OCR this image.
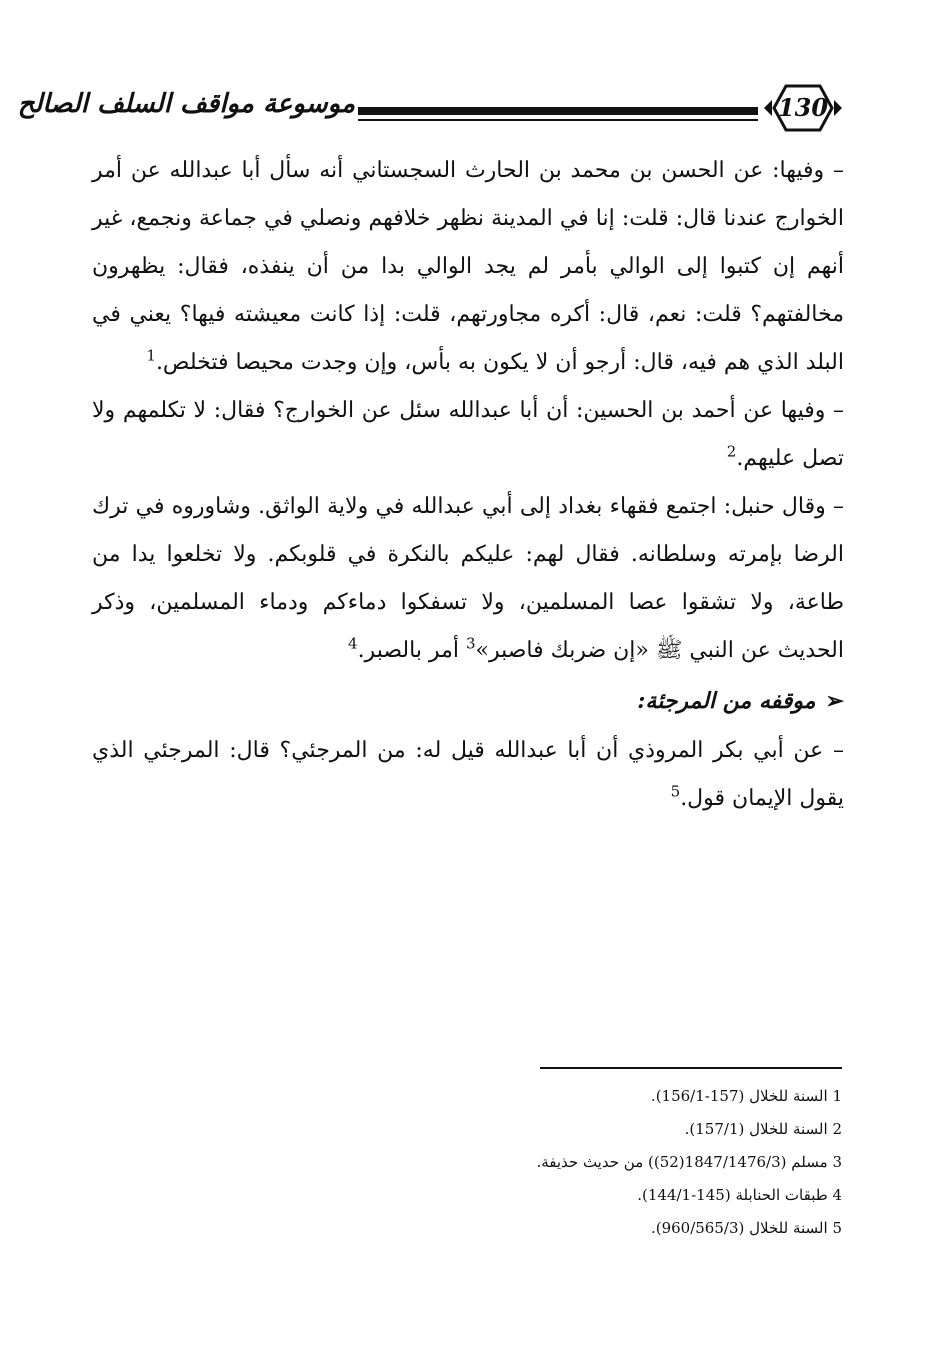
موسوعة مواقف السلف الصالح	130

– وفيها: عن الحسن بن محمد بن الحارث السجستاني أنه سأل أبا عبدالله عن أمر الخوارج عندنا قال: قلت: إنا في المدينة نظهر خلافهم ونصلي في جماعة ونجمع، غير أنهم إن كتبوا إلى الوالي بأمر لم يجد الوالي بدا من أن ينفذه، فقال: يظهرون مخالفتهم؟ قلت: نعم، قال: أكره مجاورتهم، قلت: إذا كانت معيشته فيها؟ يعني في البلد الذي هم فيه، قال: أرجو أن لا يكون به بأس، وإن وجدت محيصا فتخلص.$^1$

– وفيها عن أحمد بن الحسين: أن أبا عبدالله سئل عن الخوارج؟ فقال: لا تكلمهم ولا تصل عليهم.$^2$

– وقال حنبل: اجتمع فقهاء بغداد إلى أبي عبدالله في ولاية الواثق. وشاوروه في ترك الرضا بإمرته وسلطانه. فقال لهم: عليكم بالنكرة في قلوبكم. ولا تخلعوا يدا من طاعة، ولا تشقوا عصا المسلمين، ولا تسفكوا دماءكم ودماء المسلمين، وذكر الحديث عن النبي ﷺ «إن ضربك فاصبر»$^3$ أمر بالصبر.$^4$

➢موقفه من المرجئة:

– عن أبي بكر المروذي أن أبا عبدالله قيل له: من المرجئي؟ قال: المرجئي الذي يقول الإيمان قول.$^5$

1 السنة للخلال (157-156/1).

2 السنة للخلال (157/1).

3 مسلم (1847/1476/3(52)) من حديث حذيفة.

4 طبقات الحنابلة (145-144/1).

5 السنة للخلال (960/565/3).
